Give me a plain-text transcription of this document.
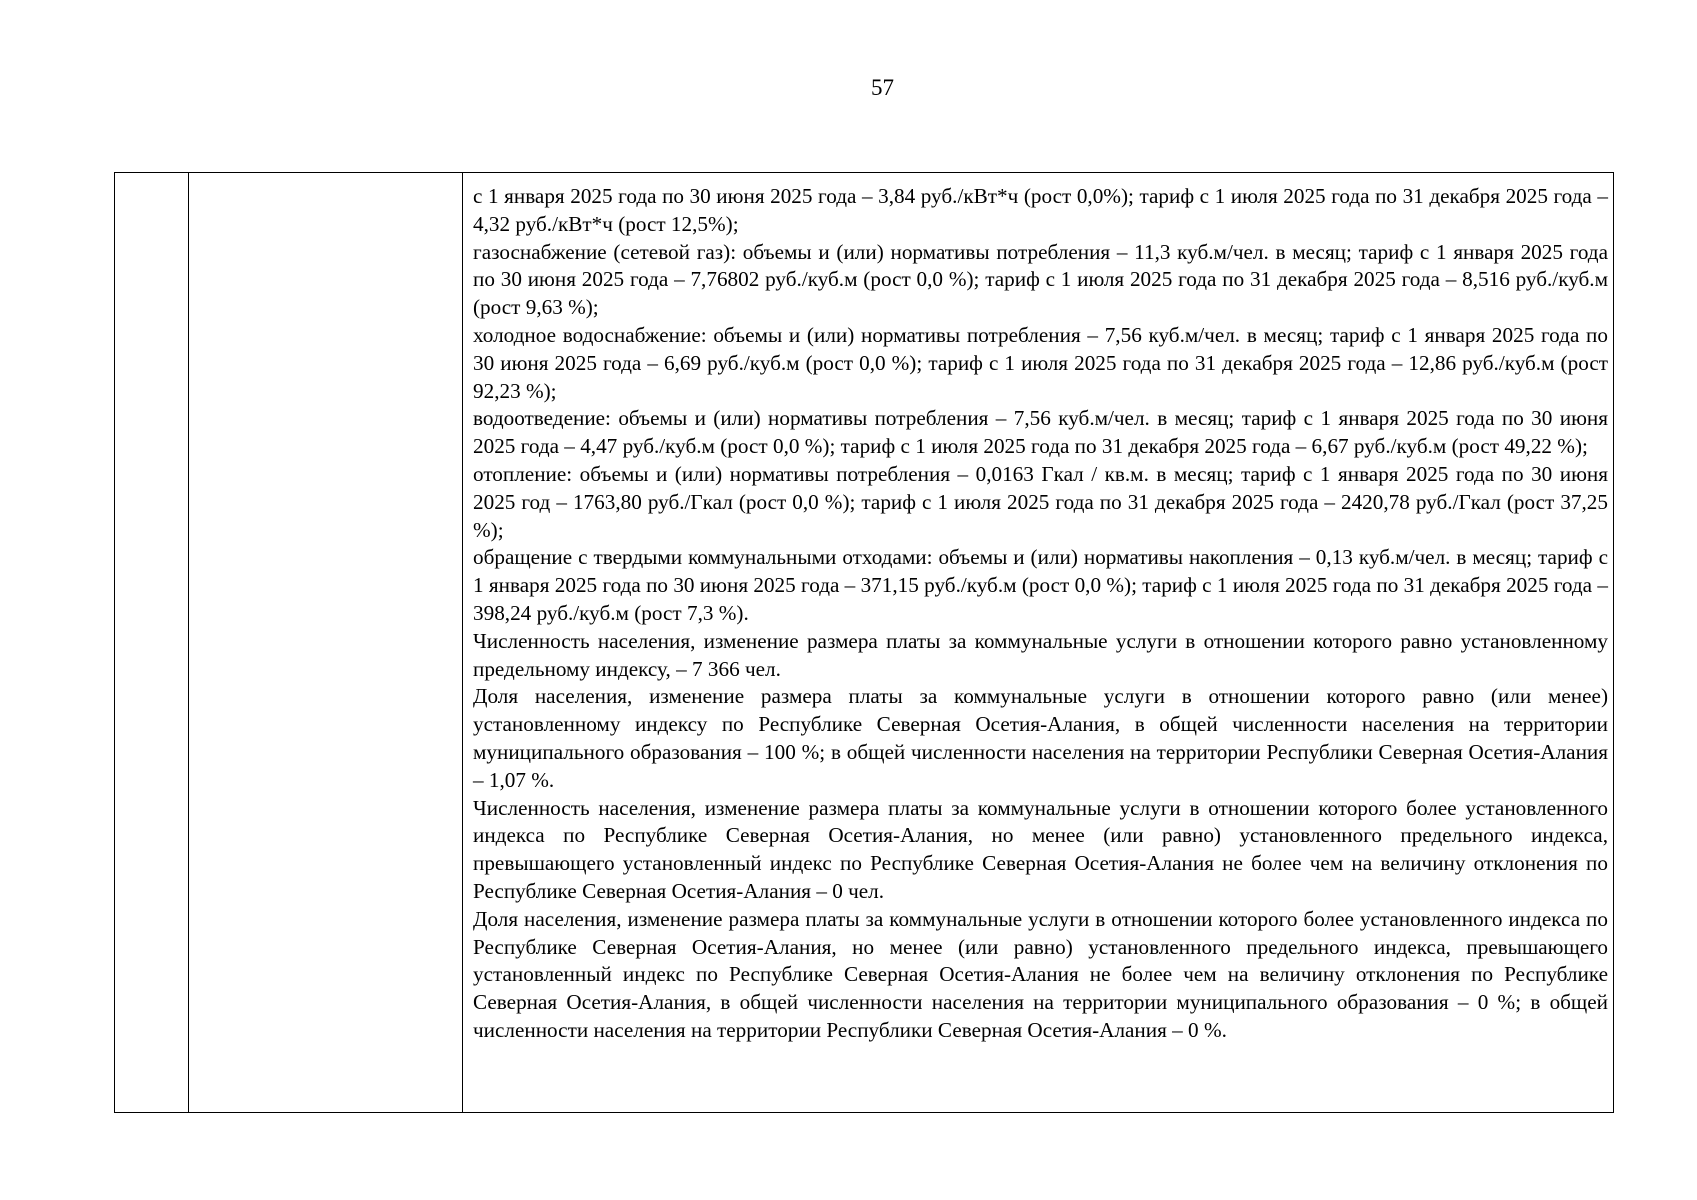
57

с 1 января 2025 года по 30 июня 2025 года – 3,84 руб./кВт*ч (рост 0,0%); тариф с 1 июля 2025 года по 31 декабря 2025 года – 4,32 руб./кВт*ч (рост 12,5%);

газоснабжение (сетевой газ): объемы и (или) нормативы потребления – 11,3 куб.м/чел. в месяц; тариф с 1 января 2025 года по 30 июня 2025 года – 7,76802 руб./куб.м (рост 0,0 %); тариф с 1 июля 2025 года по 31 декабря 2025 года – 8,516 руб./куб.м (рост 9,63 %);

холодное водоснабжение: объемы и (или) нормативы потребления – 7,56 куб.м/чел. в месяц; тариф с 1 января 2025 года по 30 июня 2025 года – 6,69 руб./куб.м (рост 0,0 %); тариф с 1 июля 2025 года по 31 декабря 2025 года – 12,86 руб./куб.м (рост 92,23 %);

водоотведение: объемы и (или) нормативы потребления – 7,56 куб.м/чел. в месяц; тариф с 1 января 2025 года по 30 июня 2025 года – 4,47 руб./куб.м (рост 0,0 %); тариф с 1 июля 2025 года по 31 декабря 2025 года – 6,67 руб./куб.м (рост 49,22 %);

отопление: объемы и (или) нормативы потребления – 0,0163 Гкал / кв.м. в месяц; тариф с 1 января 2025 года по 30 июня 2025 год – 1763,80 руб./Гкал (рост 0,0 %); тариф с 1 июля 2025 года по 31 декабря 2025 года – 2420,78 руб./Гкал (рост 37,25 %);

обращение с твердыми коммунальными отходами: объемы и (или) нормативы накопления – 0,13 куб.м/чел. в месяц; тариф с 1 января 2025 года по 30 июня 2025 года – 371,15 руб./куб.м (рост 0,0 %); тариф с 1 июля 2025 года по 31 декабря 2025 года –398,24 руб./куб.м (рост 7,3 %).

Численность населения, изменение размера платы за коммунальные услуги в отношении которого равно установленному предельному индексу, – 7 366 чел.

Доля населения, изменение размера платы за коммунальные услуги в отношении которого равно (или менее) установленному индексу по Республике Северная Осетия-Алания, в общей численности населения на территории муниципального образования – 100 %; в общей численности населения на территории Республики Северная Осетия-Алания – 1,07 %.

Численность населения, изменение размера платы за коммунальные услуги в отношении которого более установленного индекса по Республике Северная Осетия-Алания, но менее (или равно) установленного предельного индекса, превышающего установленный индекс по Республике Северная Осетия-Алания не более чем на величину отклонения по Республике Северная Осетия-Алания – 0 чел.

Доля населения, изменение размера платы за коммунальные услуги в отношении которого более установленного индекса по Республике Северная Осетия-Алания, но менее (или равно) установленного предельного индекса, превышающего установленный индекс по Республике Северная Осетия-Алания не более чем на величину отклонения по Республике Северная Осетия-Алания, в общей численности населения на территории муниципального образования – 0 %; в общей численности населения на территории Республики Северная Осетия-Алания – 0 %.
